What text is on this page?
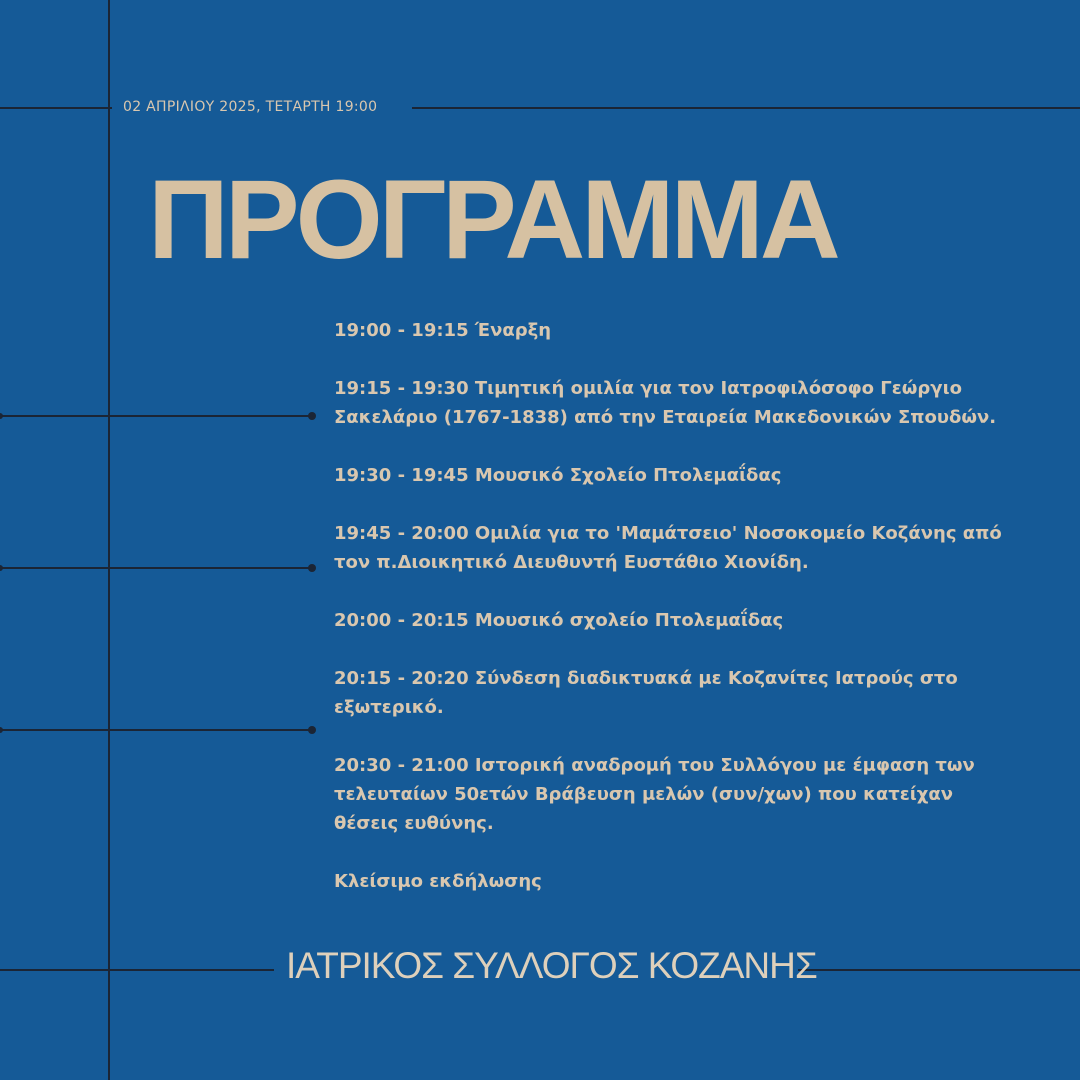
02 ΑΠΡΙΛΙΟΥ 2025, ΤΕΤΑΡΤΗ 19:00
ΠΡΟΓΡΑΜΜΑ
19:00 - 19:15 Έναρξη
19:15 - 19:30 Τιμητική ομιλία για τον Ιατροφιλόσοφο Γεώργιο
Σακελάριο (1767-1838) από την Εταιρεία Μακεδονικών Σπουδών.
19:30 - 19:45 Μουσικό Σχολείο Πτολεμαΐδας
19:45 - 20:00 Ομιλία για το 'Μαμάτσειο' Νοσοκομείο Κοζάνης από
τον π.Διοικητικό Διευθυντή Ευστάθιο Χιονίδη.
20:00 - 20:15 Μουσικό σχολείο Πτολεμαΐδας
20:15 - 20:20 Σύνδεση διαδικτυακά με Κοζανίτες Ιατρούς στο
εξωτερικό.
20:30 - 21:00 Ιστορική αναδρομή του Συλλόγου με έμφαση των
τελευταίων 50ετών Βράβευση μελών (συν/χων) που κατείχαν
θέσεις ευθύνης.
Κλείσιμο εκδήλωσης
ΙΑΤΡΙΚΟΣ ΣΥΛΛΟΓΟΣ ΚΟΖΑΝΗΣ
